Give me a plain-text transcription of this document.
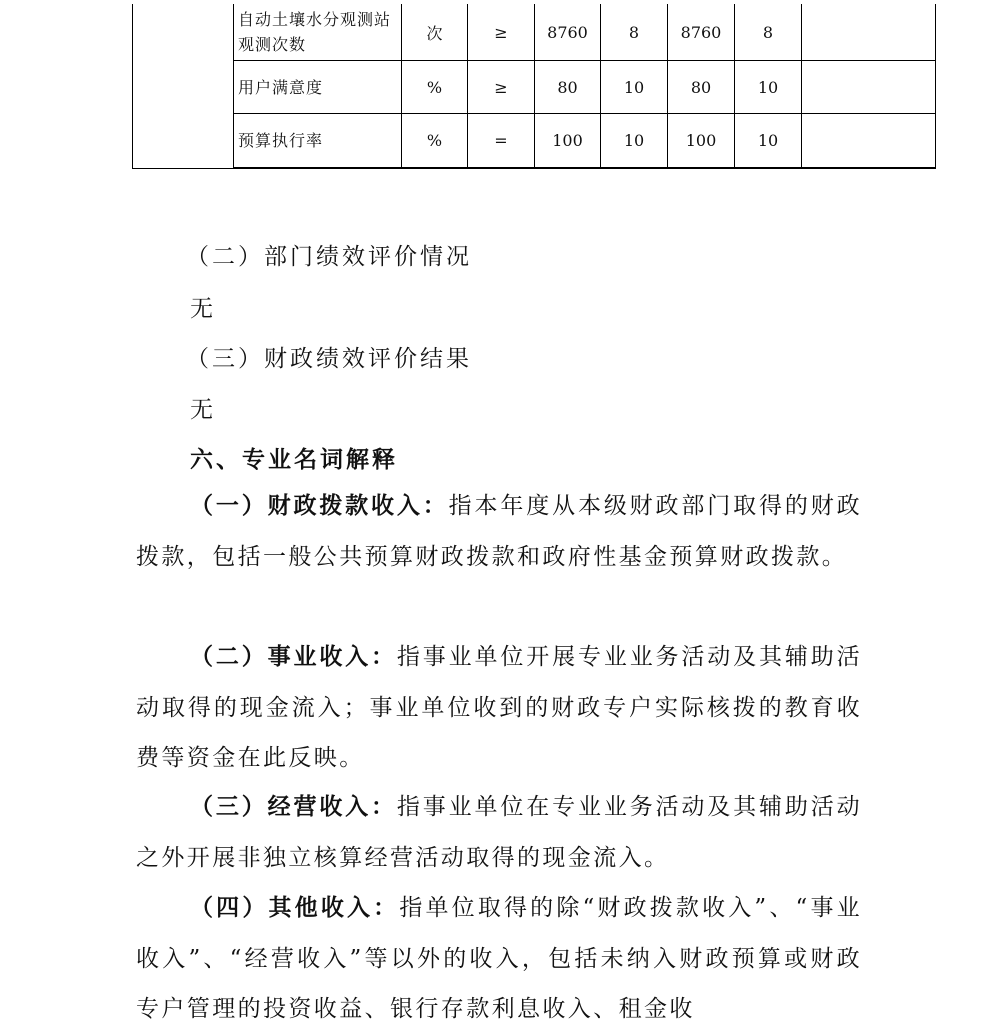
	自动土壤水分观测站观测次数	次	≥	8760	8	8760	8	
	用户满意度	%	≥	80	10	80	10	
	预算执行率	%	=	100	10	100	10	

（二）部门绩效评价情况

无

（三）财政绩效评价结果

无

六、专业名词解释

（一）财政拨款收入：指本年度从本级财政部门取得的财政拨款，包括一般公共预算财政拨款和政府性基金预算财政拨款。

（二）事业收入：指事业单位开展专业业务活动及其辅助活动取得的现金流入；事业单位收到的财政专户实际核拨的教育收费等资金在此反映。

（三）经营收入：指事业单位在专业业务活动及其辅助活动之外开展非独立核算经营活动取得的现金流入。

（四）其他收入：指单位取得的除“财政拨款收入”、“事业收入”、“经营收入”等以外的收入，包括未纳入财政预算或财政专户管理的投资收益、银行存款利息收入、租金收
